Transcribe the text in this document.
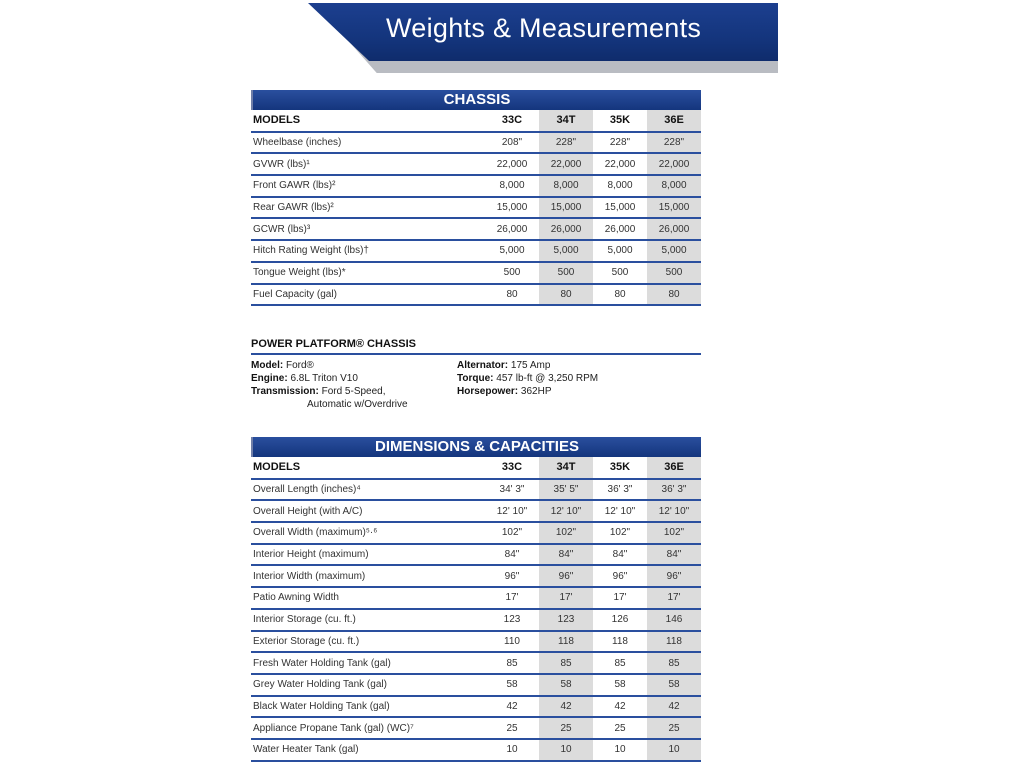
Weights & Measurements
CHASSIS
MODELS	33C	34T	35K	36E
Wheelbase (inches)	208"	228"	228"	228"
GVWR (lbs)¹	22,000	22,000	22,000	22,000
Front GAWR (lbs)²	8,000	8,000	8,000	8,000
Rear GAWR (lbs)²	15,000	15,000	15,000	15,000
GCWR (lbs)³	26,000	26,000	26,000	26,000
Hitch Rating Weight (lbs)†	5,000	5,000	5,000	5,000
Tongue Weight (lbs)*	500	500	500	500
Fuel Capacity (gal)	80	80	80	80
POWER PLATFORM® CHASSIS
Model: Ford®
Engine: 6.8L Triton V10
Transmission: Ford 5-Speed,
Automatic w/Overdrive
Alternator: 175 Amp
Torque: 457 lb-ft @ 3,250 RPM
Horsepower: 362HP
DIMENSIONS & CAPACITIES
MODELS	33C	34T	35K	36E
Overall Length (inches)⁴	34' 3"	35' 5"	36' 3"	36' 3"
Overall Height (with A/C)	12' 10"	12' 10"	12' 10"	12' 10"
Overall Width (maximum)⁵·⁶	102"	102"	102"	102"
Interior Height (maximum)	84"	84"	84"	84"
Interior Width (maximum)	96"	96"	96"	96"
Patio Awning Width	17'	17'	17'	17'
Interior Storage (cu. ft.)	123	123	126	146
Exterior Storage (cu. ft.)	110	118	118	118
Fresh Water Holding Tank (gal)	85	85	85	85
Grey Water Holding Tank (gal)	58	58	58	58
Black Water Holding Tank (gal)	42	42	42	42
Appliance Propane Tank (gal) (WC)⁷	25	25	25	25
Water Heater Tank (gal)	10	10	10	10
